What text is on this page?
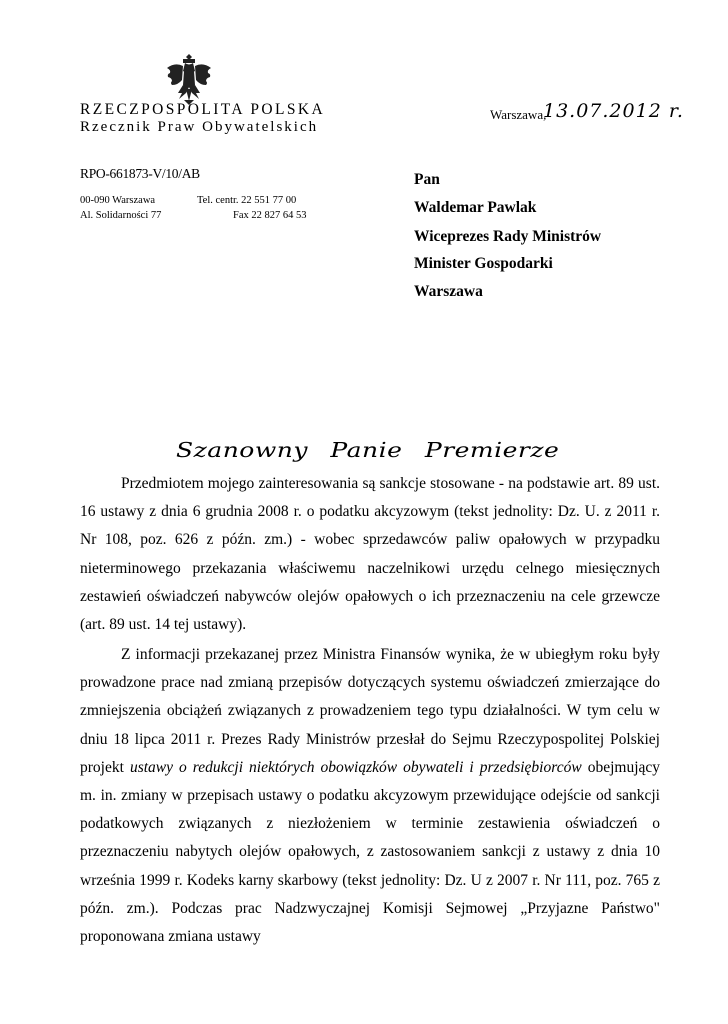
RZECZPOSPOLITA POLSKA
Rzecznik Praw Obywatelskich
RPO-661873-V/10/AB
00-090 Warszawa
Al. Solidarności 77
Tel. centr. 22 551 77 00
Fax 22 827 64 53
Warszawa,
13.07.2012 r.
Pan
Waldemar Pawlak
Wiceprezes Rady Ministrów
Minister Gospodarki
Warszawa
Szanowny Panie Premierze

Przedmiotem mojego zainteresowania są sankcje stosowane - na podstawie art. 89 ust. 16 ustawy z dnia 6 grudnia 2008 r. o podatku akcyzowym (tekst jednolity: Dz. U. z 2011 r. Nr 108, poz. 626 z późn. zm.) - wobec sprzedawców paliw opałowych w przypadku nieterminowego przekazania właściwemu naczelnikowi urzędu celnego miesięcznych zestawień oświadczeń nabywców olejów opałowych o ich przeznaczeniu na cele grzewcze (art. 89 ust. 14 tej ustawy).

Z informacji przekazanej przez Ministra Finansów wynika, że w ubiegłym roku były prowadzone prace nad zmianą przepisów dotyczących systemu oświadczeń zmierzające do zmniejszenia obciążeń związanych z prowadzeniem tego typu działalności. W tym celu w dniu 18 lipca 2011 r. Prezes Rady Ministrów przesłał do Sejmu Rzeczypospolitej Polskiej projekt ustawy o redukcji niektórych obowiązków obywateli i przedsiębiorców obejmujący m. in. zmiany w przepisach ustawy o podatku akcyzowym przewidujące odejście od sankcji podatkowych związanych z niezłożeniem w terminie zestawienia oświadczeń o przeznaczeniu nabytych olejów opałowych, z zastosowaniem sankcji z ustawy z dnia 10 września 1999 r. Kodeks karny skarbowy (tekst jednolity: Dz. U z 2007 r. Nr 111, poz. 765 z późn. zm.). Podczas prac Nadzwyczajnej Komisji Sejmowej „Przyjazne Państwo" proponowana zmiana ustawy
